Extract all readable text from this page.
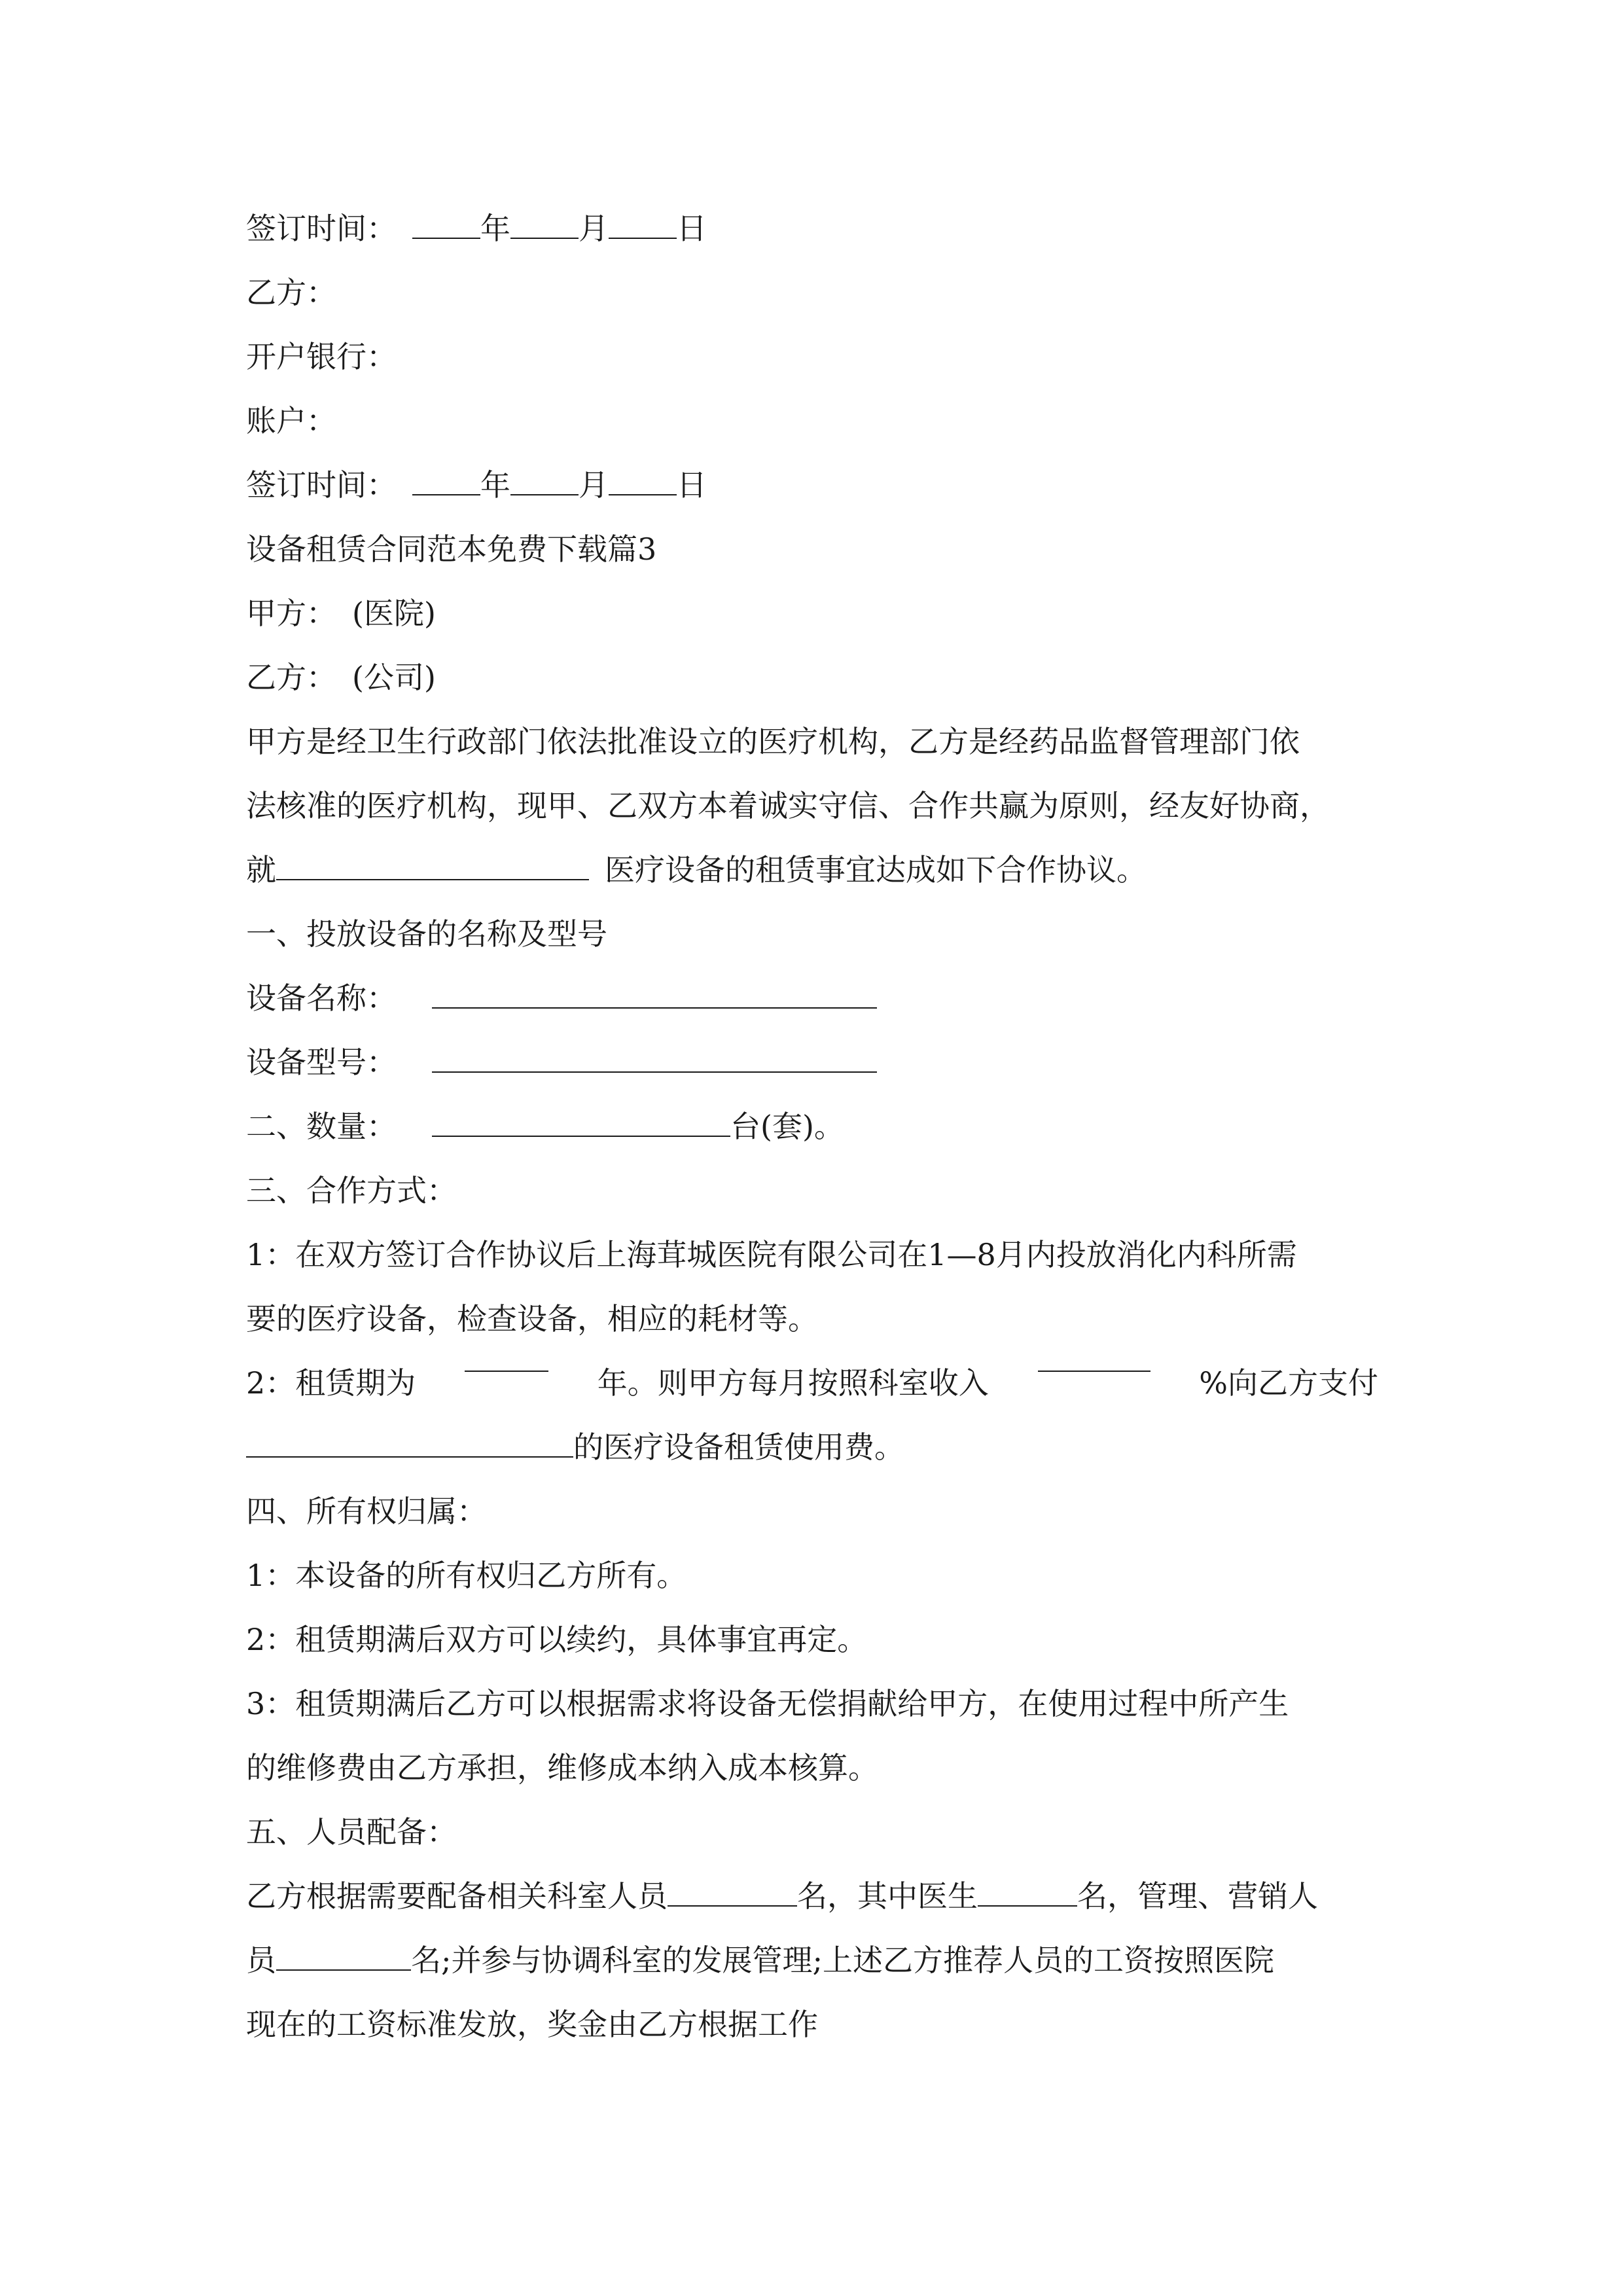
签订时间：	年 月 日
乙方：
开户银行：
账户：
签订时间：	年 月 日
设备租赁合同范本免费下载篇3
甲方： (医院)
乙方： (公司)
甲方是经卫生行政部门依法批准设立的医疗机构，乙方是经药品监督管理部门依
法核准的医疗机构，现甲、乙双方本着诚实守信、合作共赢为原则，经友好协商，
就	医疗设备的租赁事宜达成如下合作协议。
一、投放设备的名称及型号
设备名称：
设备型号：
二、数量：	台(套)。
三、合作方式：
1：在双方签订合作协议后上海茸城医院有限公司在1—8月内投放消化内科所需
要的医疗设备，检查设备，相应的耗材等。
2：租赁期为	年。则甲方每月按照科室收入	%向乙方支付
的医疗设备租赁使用费。
四、所有权归属：
1：本设备的所有权归乙方所有。
2：租赁期满后双方可以续约，具体事宜再定。
3：租赁期满后乙方可以根据需求将设备无偿捐献给甲方，在使用过程中所产生
的维修费由乙方承担，维修成本纳入成本核算。
五、人员配备：
乙方根据需要配备相关科室人员	名，其中医生	名，管理、营销人
员	名;并参与协调科室的发展管理;上述乙方推荐人员的工资按照医院
现在的工资标准发放，奖金由乙方根据工作
